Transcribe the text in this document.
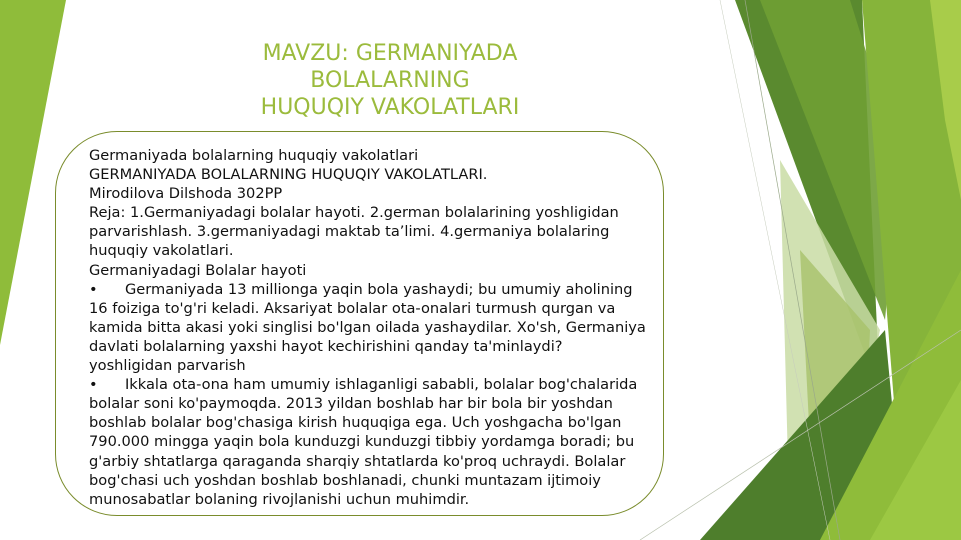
MAVZU: GERMANIYADA
BOLALARNING
HUQUQIY VAKOLATLARI

Germaniyada bolalarning huquqiy vakolatlari

GERMANIYADA BOLALARNING HUQUQIY VAKOLATLARI.

Mirodilova Dilshoda 302PP

Reja: 1.Germaniyadagi bolalar hayoti. 2.german bolalarining yoshligidan parvarishlash. 3.germaniyadagi maktab ta’limi. 4.germaniya bolalaring huquqiy vakolatlari.

Germaniyadagi Bolalar hayoti

• Germaniyada 13 millionga yaqin bola yashaydi; bu umumiy aholining 16 foiziga to'g'ri keladi. Aksariyat bolalar ota-onalari turmush qurgan va kamida bitta akasi yoki singlisi bo'lgan oilada yashaydilar. Xo'sh, Germaniya davlati bolalarning yaxshi hayot kechirishini qanday ta'minlaydi?

yoshligidan parvarish

• Ikkala ota-ona ham umumiy ishlaganligi sababli, bolalar bog'chalarida bolalar soni ko'paymoqda. 2013 yildan boshlab har bir bola bir yoshdan boshlab bolalar bog'chasiga kirish huquqiga ega. Uch yoshgacha bo'lgan 790.000 mingga yaqin bola kunduzgi kunduzgi tibbiy yordamga boradi; bu g'arbiy shtatlarga qaraganda sharqiy shtatlarda ko'proq uchraydi. Bolalar bog'chasi uch yoshdan boshlab boshlanadi, chunki muntazam ijtimoiy munosabatlar bolaning rivojlanishi uchun muhimdir.
